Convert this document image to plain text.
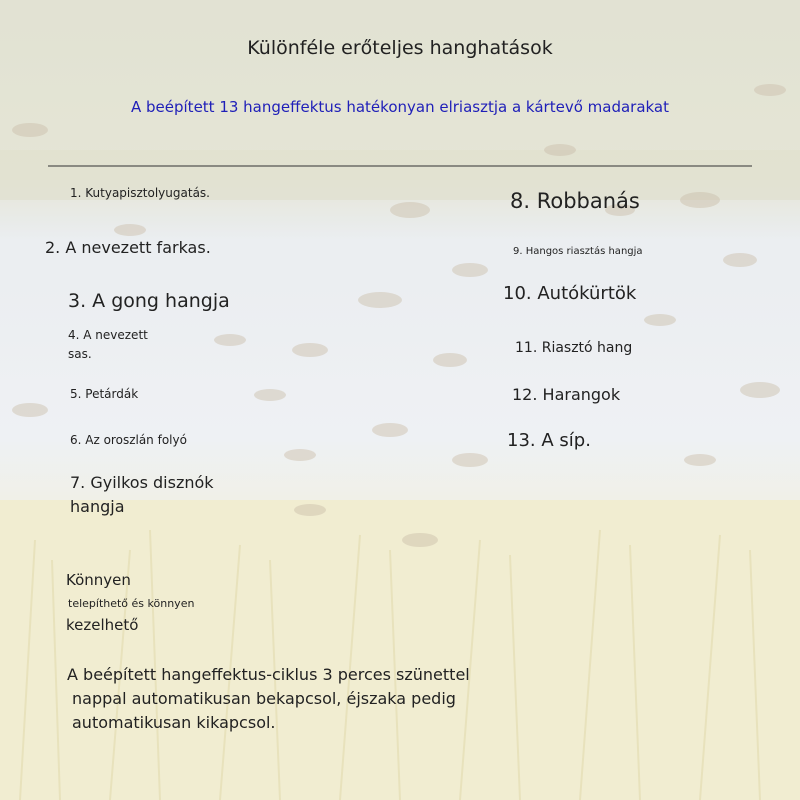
Különféle erőteljes hanghatások
A beépített 13 hangeffektus hatékonyan elriasztja a kártevő madarakat
1. Kutyapisztolyugatás.
2. A nevezett farkas.
3. A gong hangja
4. A nevezett
sas.
5. Petárdák
6. Az oroszlán folyó
7. Gyilkos disznók
hangja
8. Robbanás
9. Hangos riasztás hangja
10. Autókürtök
11. Riasztó hang
12. Harangok
13. A síp.
Könnyen
telepíthető és könnyen
kezelhető
A beépített hangeffektus-ciklus 3 perces szünettel
nappal automatikusan bekapcsol, éjszaka pedig
automatikusan kikapcsol.
